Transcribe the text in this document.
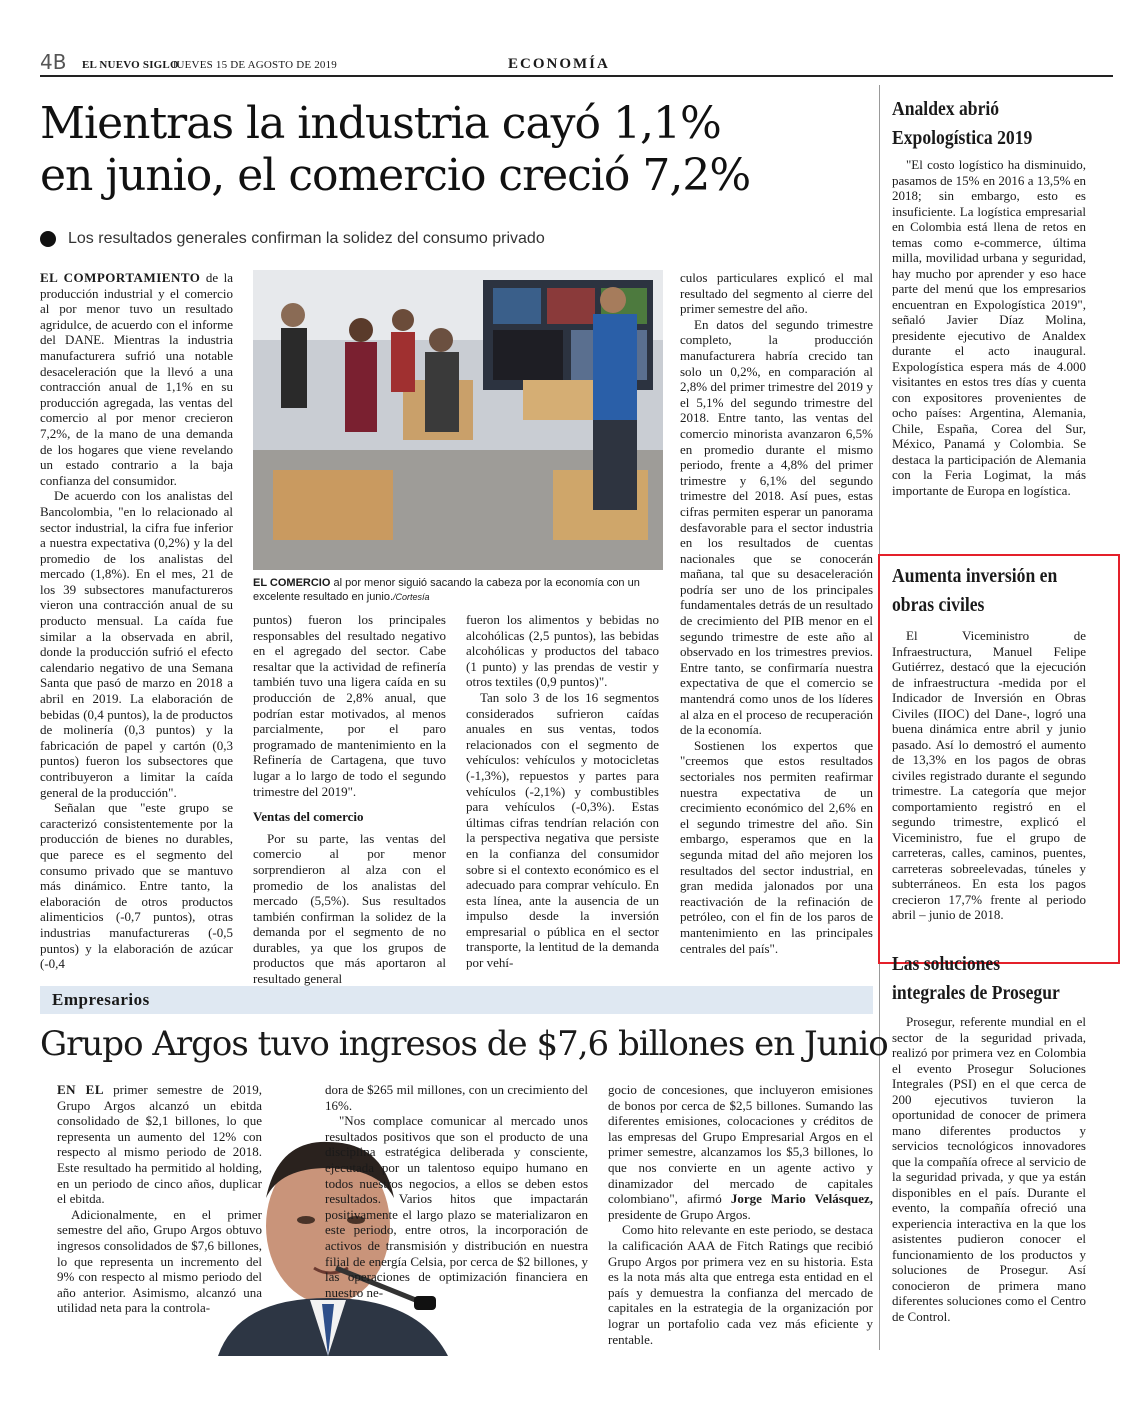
4B EL NUEVO SIGLO
JUEVES 15 DE AGOSTO DE 2019	ECONOMÍA
Mientras la industria cayó 1,1%
en junio, el comercio creció 7,2%
Los resultados generales confirman la solidez del consumo privado

EL COMPORTAMIENTO de la producción industrial y el comercio al por menor tuvo un resultado agridulce, de acuerdo con el informe del DANE. Mientras la industria manufacturera sufrió una notable desaceleración que la llevó a una contracción anual de 1,1% en su producción agregada, las ventas del comercio al por menor crecieron 7,2%, de la mano de una demanda de los hogares que viene revelando un estado contrario a la baja confianza del consumidor.

De acuerdo con los analistas del Bancolombia, "en lo relacionado al sector industrial, la cifra fue inferior a nuestra expectativa (0,2%) y la del promedio de los analistas del mercado (1,8%). En el mes, 21 de los 39 subsectores manufactureros vieron una contracción anual de su producto mensual. La caída fue similar a la observada en abril, donde la producción sufrió el efecto calendario negativo de una Semana Santa que pasó de marzo en 2018 a abril en 2019. La elaboración de bebidas (0,4 puntos), la de productos de molinería (0,3 puntos) y la fabricación de papel y cartón (0,3 puntos) fueron los subsectores que contribuyeron a limitar la caída general de la producción".

Señalan que "este grupo se caracterizó consistentemente por la producción de bienes no durables, que parece es el segmento del consumo privado que se mantuvo más dinámico. Entre tanto, la elaboración de otros productos alimenticios (-0,7 puntos), otras industrias manufactureras (-0,5 puntos) y la elaboración de azúcar (-0,4

EL COMERCIO al por menor siguió sacando la cabeza por la economía con un excelente resultado en junio./Cortesía

puntos) fueron los principales responsables del resultado negativo en el agregado del sector. Cabe resaltar que la actividad de refinería también tuvo una ligera caída en su producción de 2,8% anual, que podrían estar motivados, al menos parcialmente, por el paro programado de mantenimiento en la Refinería de Cartagena, que tuvo lugar a lo largo de todo el segundo trimestre del 2019".

Ventas del comercio

Por su parte, las ventas del comercio al por menor sorprendieron al alza con el promedio de los analistas del mercado (5,5%). Sus resultados también confirman la solidez de la demanda por el segmento de no durables, ya que los grupos de productos que más aportaron al resultado general

fueron los alimentos y bebidas no alcohólicas (2,5 puntos), las bebidas alcohólicas y productos del tabaco (1 punto) y las prendas de vestir y otros textiles (0,9 puntos)".

Tan solo 3 de los 16 segmentos considerados sufrieron caídas anuales en sus ventas, todos relacionados con el segmento de vehículos: vehículos y motocicletas (-1,3%), repuestos y partes para vehículos (-2,1%) y combustibles para vehículos (-0,3%). Estas últimas cifras tendrían relación con la perspectiva negativa que persiste en la confianza del consumidor sobre si el contexto económico es el adecuado para comprar vehículo. En esta línea, ante la ausencia de un impulso desde la inversión empresarial o pública en el sector transporte, la lentitud de la demanda por vehí-

culos particulares explicó el mal resultado del segmento al cierre del primer semestre del año.

En datos del segundo trimestre completo, la producción manufacturera habría crecido tan solo un 0,2%, en comparación al 2,8% del primer trimestre del 2019 y el 5,1% del segundo trimestre del 2018. Entre tanto, las ventas del comercio minorista avanzaron 6,5% en promedio durante el mismo periodo, frente a 4,8% del primer trimestre y 6,1% del segundo trimestre del 2018. Así pues, estas cifras permiten esperar un panorama desfavorable para el sector industria en los resultados de cuentas nacionales que se conocerán mañana, tal que su desaceleración podría ser uno de los principales fundamentales detrás de un resultado de crecimiento del PIB menor en el segundo trimestre de este año al observado en los trimestres previos. Entre tanto, se confirmaría nuestra expectativa de que el comercio se mantendrá como unos de los líderes al alza en el proceso de recuperación de la economía.

Sostienen los expertos que "creemos que estos resultados sectoriales nos permiten reafirmar nuestra expectativa de un crecimiento económico del 2,6% en el segundo trimestre del año. Sin embargo, esperamos que en la segunda mitad del año mejoren los resultados del sector industrial, en gran medida jalonados por una reactivación de la refinación de petróleo, con el fin de los paros de mantenimiento en las principales centrales del país".

Analdex abrió
Expologística 2019

"El costo logístico ha disminuido, pasamos de 15% en 2016 a 13,5% en 2018; sin embargo, esto es insuficiente. La logística empresarial en Colombia está llena de retos en temas como e-commerce, última milla, movilidad urbana y seguridad, hay mucho por aprender y eso hace parte del menú que los empresarios encuentran en Expologística 2019", señaló Javier Díaz Molina, presidente ejecutivo de Analdex durante el acto inaugural. Expologística espera más de 4.000 visitantes en estos tres días y cuenta con expositores provenientes de ocho países: Argentina, Alemania, Chile, España, Corea del Sur, México, Panamá y Colombia. Se destaca la participación de Alemania con la Feria Logimat, la más importante de Europa en logística.

Aumenta inversión en
obras civiles

El Viceministro de Infraestructura, Manuel Felipe Gutiérrez, destacó que la ejecución de infraestructura -medida por el Indicador de Inversión en Obras Civiles (IIOC) del Dane-, logró una buena dinámica entre abril y junio pasado. Así lo demostró el aumento de 13,3% en los pagos de obras civiles registrado durante el segundo trimestre. La categoría que mejor comportamiento registró en el segundo trimestre, explicó el Viceministro, fue el grupo de carreteras, calles, caminos, puentes, carreteras sobreelevadas, túneles y subterráneos. En esta los pagos crecieron 17,7% frente al periodo abril – junio de 2018.

Las soluciones
integrales de Prosegur

Prosegur, referente mundial en el sector de la seguridad privada, realizó por primera vez en Colombia el evento Prosegur Soluciones Integrales (PSI) en el que cerca de 200 ejecutivos tuvieron la oportunidad de conocer de primera mano diferentes productos y servicios tecnológicos innovadores que la compañía ofrece al servicio de la seguridad privada, y que ya están disponibles en el país. Durante el evento, la compañía ofreció una experiencia interactiva en la que los asistentes pudieron conocer el funcionamiento de los productos y soluciones de Prosegur. Así conocieron de primera mano diferentes soluciones como el Centro de Control.

Empresarios
Grupo Argos tuvo ingresos de $7,6 billones en Junio

EN EL primer semestre de 2019, Grupo Argos alcanzó un ebitda consolidado de $2,1 billones, lo que representa un aumento del 12% con respecto al mismo periodo de 2018. Este resultado ha permitido al holding, en un periodo de cinco años, duplicar el ebitda.

Adicionalmente, en el primer semestre del año, Grupo Argos obtuvo ingresos consolidados de $7,6 billones, lo que representa un incremento del 9% con respecto al mismo periodo del año anterior. Asimismo, alcanzó una utilidad neta para la controla-

dora de $265 mil millones, con un crecimiento del 16%.

"Nos complace comunicar al mercado unos resultados positivos que son el producto de una disciplina estratégica deliberada y consciente, ejecutada por un talentoso equipo humano en todos nuestros negocios, a ellos se deben estos resultados. Varios hitos que impactarán positivamente el largo plazo se materializaron en este periodo, entre otros, la incorporación de activos de transmisión y distribución en nuestra filial de energía Celsia, por cerca de $2 billones, y las operaciones de optimización financiera en nuestro ne-

gocio de concesiones, que incluyeron emisiones de bonos por cerca de $2,5 billones. Sumando las diferentes emisiones, colocaciones y créditos de las empresas del Grupo Empresarial Argos en el primer semestre, alcanzamos los $5,3 billones, lo que nos convierte en un agente activo y dinamizador del mercado de capitales colombiano", afirmó Jorge Mario Velásquez, presidente de Grupo Argos.

Como hito relevante en este periodo, se destaca la calificación AAA de Fitch Ratings que recibió Grupo Argos por primera vez en su historia. Esta es la nota más alta que entrega esta entidad en el país y demuestra la confianza del mercado de capitales en la estrategia de la organización por lograr un portafolio cada vez más eficiente y rentable.
